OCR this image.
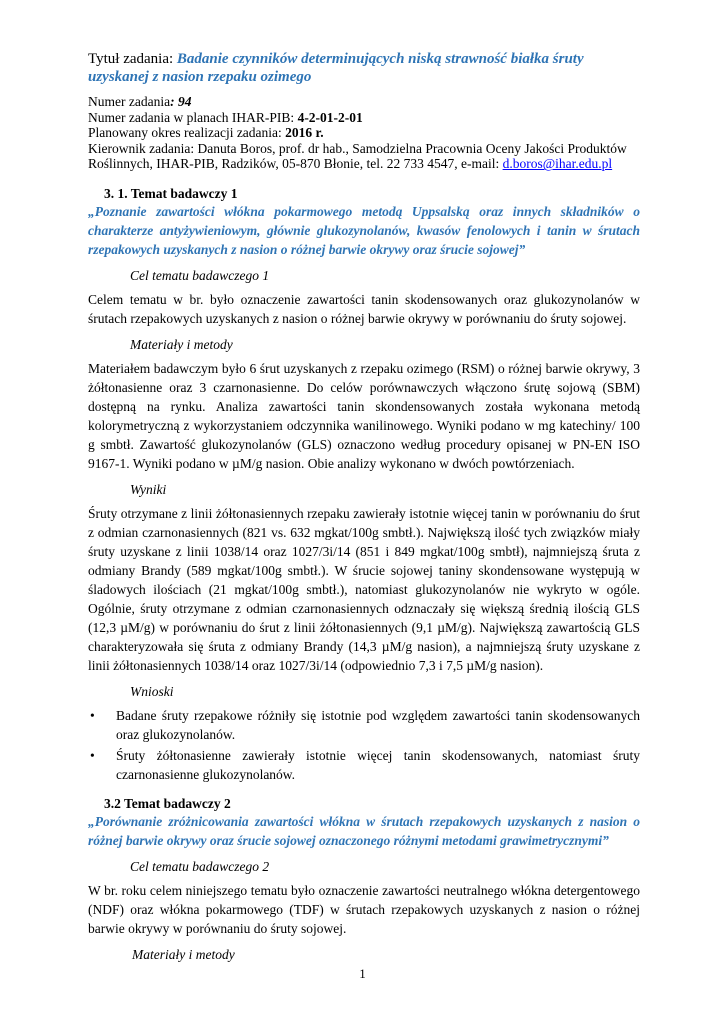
Tytuł zadania: Badanie czynników determinujących niską strawność białka śruty uzyskanej z nasion rzepaku ozimego

Numer zadania: 94
Numer zadania w planach IHAR-PIB: 4-2-01-2-01
Planowany okres realizacji zadania: 2016 r.
Kierownik zadania: Danuta Boros, prof. dr hab., Samodzielna Pracownia Oceny Jakości Produktów Roślinnych, IHAR-PIB, Radzików, 05-870 Błonie, tel. 22 733 4547, e-mail: d.boros@ihar.edu.pl
3. 1. Temat badawczy 1

„Poznanie zawartości włókna pokarmowego metodą Uppsalską oraz innych składników o charakterze antyżywieniowym, głównie glukozynolanów, kwasów fenolowych i tanin w śrutach rzepakowych uzyskanych z nasion o różnej barwie okrywy oraz śrucie sojowej”

Cel tematu badawczego 1

Celem tematu w br. było oznaczenie zawartości tanin skodensowanych oraz glukozynolanów w śrutach rzepakowych uzyskanych z nasion o różnej barwie okrywy w porównaniu do śruty sojowej.

Materiały i metody

Materiałem badawczym było 6 śrut uzyskanych z rzepaku ozimego (RSM) o różnej barwie okrywy, 3 żółtonasienne oraz 3 czarnonasienne. Do celów porównawczych włączono śrutę sojową (SBM) dostępną na rynku. Analiza zawartości tanin skondensowanych została wykonana metodą kolorymetryczną z wykorzystaniem odczynnika wanilinowego. Wyniki podano w mg katechiny/ 100 g smbtł. Zawartość glukozynolanów (GLS) oznaczono według procedury opisanej w PN-EN ISO 9167-1. Wyniki podano w µM/g nasion. Obie analizy wykonano w dwóch powtórzeniach.

Wyniki

Śruty otrzymane z linii żółtonasiennych rzepaku zawierały istotnie więcej tanin w porównaniu do śrut z odmian czarnonasiennych (821 vs. 632 mgkat/100g smbtł.). Największą ilość tych związków miały śruty uzyskane z linii 1038/14 oraz 1027/3i/14 (851 i 849 mgkat/100g smbtł), najmniejszą śruta z odmiany Brandy (589 mgkat/100g smbtł.). W śrucie sojowej taniny skondensowane występują w śladowych ilościach (21 mgkat/100g smbtł.), natomiast glukozynolanów nie wykryto w ogóle. Ogólnie, śruty otrzymane z odmian czarnonasiennych odznaczały się większą średnią ilością GLS (12,3 µM/g) w porównaniu do śrut z linii żółtonasiennych (9,1 µM/g). Największą zawartością GLS charakteryzowała się śruta z odmiany Brandy (14,3 µM/g nasion), a najmniejszą śruty uzyskane z linii żółtonasiennych 1038/14 oraz 1027/3i/14 (odpowiednio 7,3 i 7,5 µM/g nasion).

Wnioski
• Badane śruty rzepakowe różniły się istotnie pod względem zawartości tanin skodensowanych oraz glukozynolanów.
• Śruty żółtonasienne zawierały istotnie więcej tanin skodensowanych, natomiast śruty czarnonasienne glukozynolanów.
3.2 Temat badawczy 2

„Porównanie zróżnicowania zawartości włókna w śrutach rzepakowych uzyskanych z nasion o różnej barwie okrywy oraz śrucie sojowej oznaczonego różnymi metodami grawimetrycznymi”

Cel tematu badawczego 2

W br. roku celem niniejszego tematu było oznaczenie zawartości neutralnego włókna detergentowego (NDF) oraz włókna pokarmowego (TDF) w śrutach rzepakowych uzyskanych z nasion o różnej barwie okrywy w porównaniu do śruty sojowej.

Materiały i metody
1
